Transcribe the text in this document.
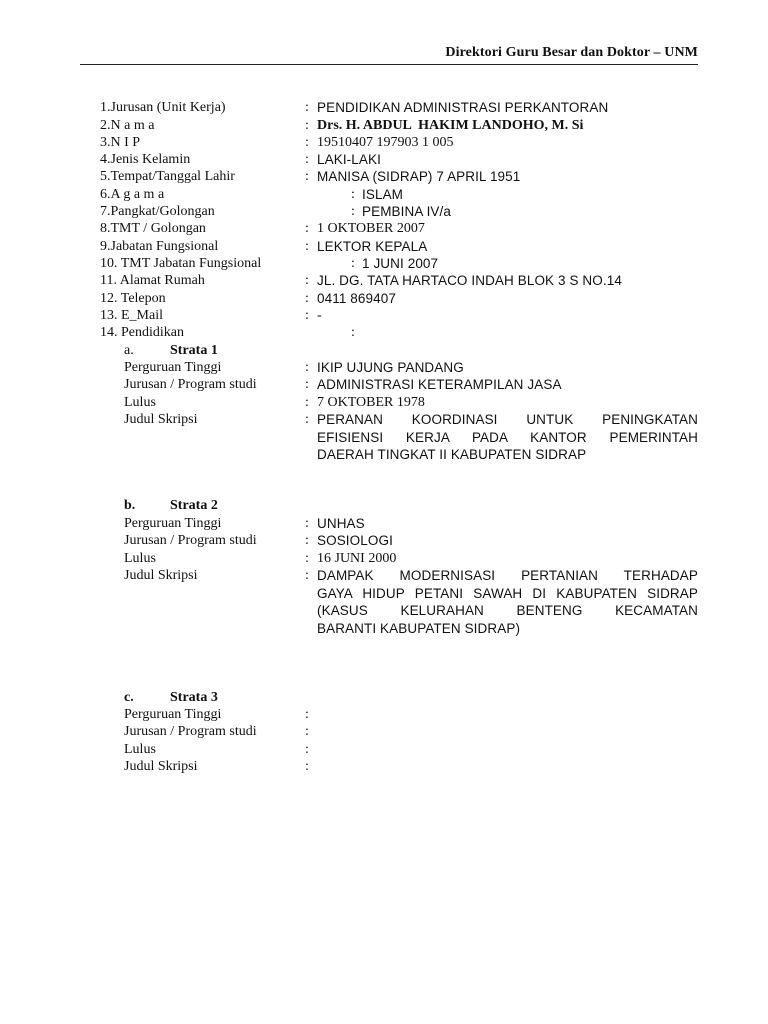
Direktori Guru Besar dan Doktor – UNM
1.Jurusan (Unit Kerja)	: PENDIDIKAN ADMINISTRASI PERKANTORAN
2.N a m a	: Drs. H. ABDUL  HAKIM LANDOHO, M. Si
3.N I P	: 19510407 197903 1 005
4.Jenis Kelamin	: LAKI-LAKI
5.Tempat/Tanggal Lahir	: MANISA (SIDRAP) 7 APRIL 1951
6.A g a m a	: ISLAM
7.Pangkat/Golongan	: PEMBINA IV/a
8.TMT / Golongan	: 1 OKTOBER 2007
9.Jabatan Fungsional	: LEKTOR KEPALA
10. TMT Jabatan Fungsional	: 1 JUNI 2007
11. Alamat Rumah	: JL. DG. TATA HARTACO INDAH BLOK 3 S NO.14
12. Telepon	: 0411 869407
13. E_Mail	: -
14. Pendidikan	:
a.	Strata 1
Perguruan Tinggi	: IKIP UJUNG PANDANG
Jurusan / Program studi	: ADMINISTRASI KETERAMPILAN JASA
Lulus	: 7 OKTOBER 1978
Judul Skripsi	: PERANAN KOORDINASI UNTUK PENINGKATAN
EFISIENSI KERJA PADA KANTOR PEMERINTAH
DAERAH TINGKAT II KABUPATEN SIDRAP
b. Strata 2
Perguruan Tinggi	: UNHAS
Jurusan / Program studi	: SOSIOLOGI
Lulus	: 16 JUNI 2000
Judul Skripsi	: DAMPAK MODERNISASI PERTANIAN TERHADAP
GAYA HIDUP PETANI SAWAH DI KABUPATEN SIDRAP
(KASUS KELURAHAN BENTENG KECAMATAN
BARANTI KABUPATEN SIDRAP)
c.	Strata 3
Perguruan Tinggi	:
Jurusan / Program studi	:
Lulus	:
Judul Skripsi	:
